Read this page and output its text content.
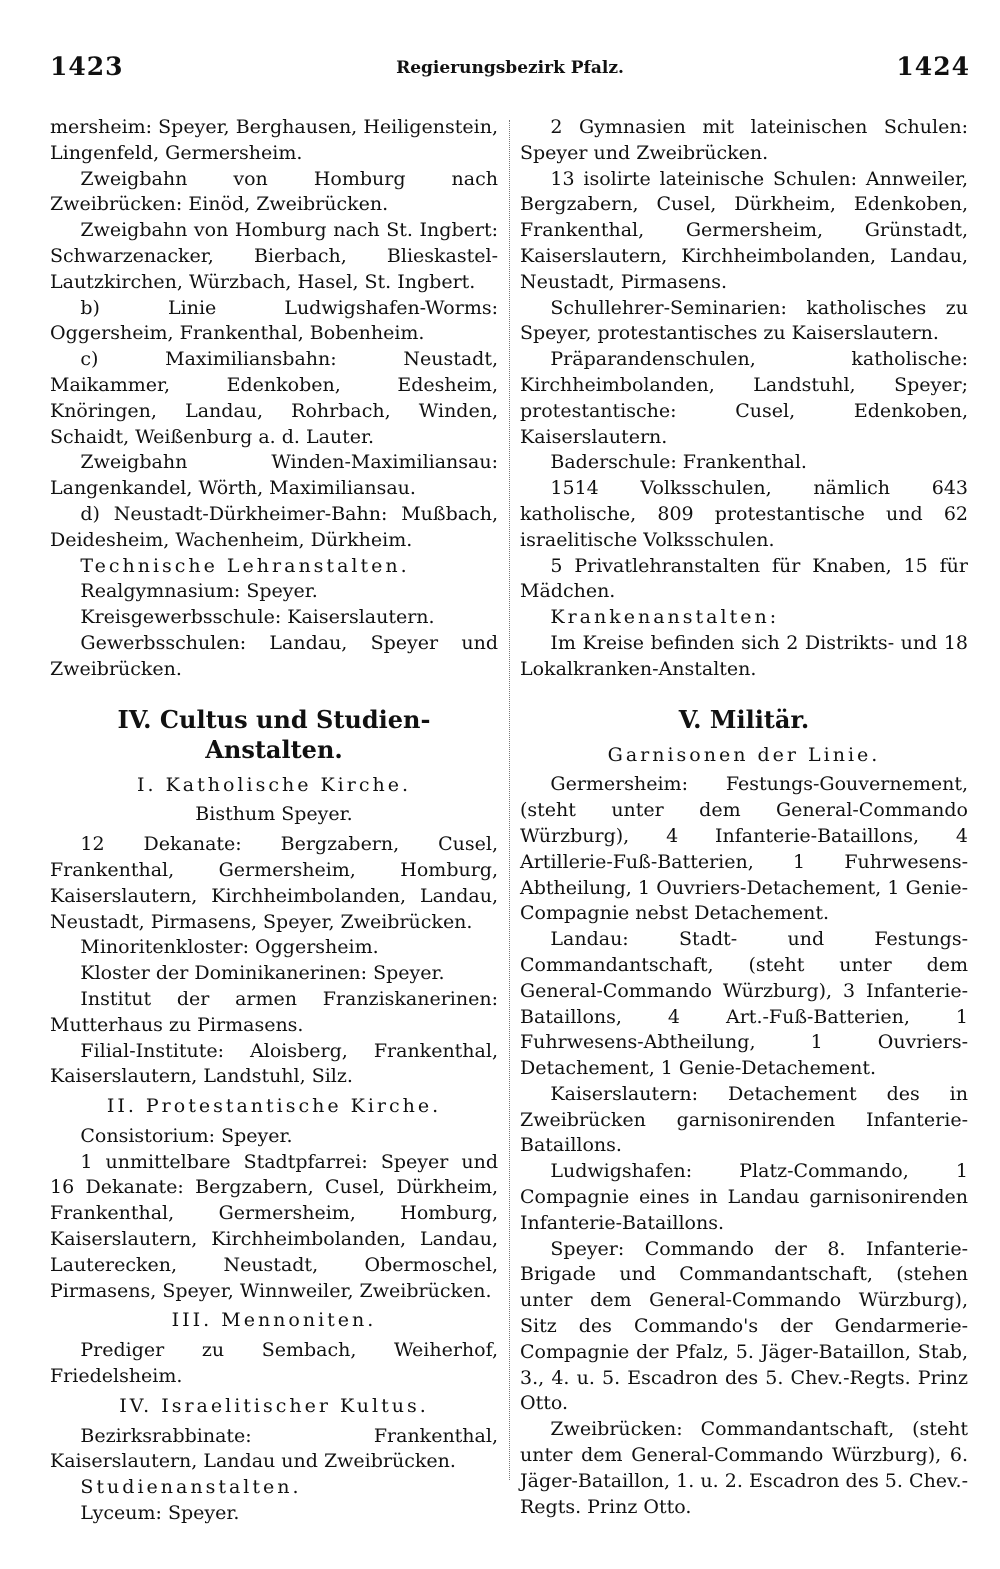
1423	Regierungsbezirk Pfalz.	1424

mersheim: Speyer, Berghausen, Heiligenstein, Lingenfeld, Germersheim.

Zweigbahn von Homburg nach Zweibrücken: Einöd, Zweibrücken.

Zweigbahn von Homburg nach St. Ingbert: Schwarzenacker, Bierbach, Blieskastel-Lautzkirchen, Würzbach, Hasel, St. Ingbert.

b) Linie Ludwigshafen-Worms: Oggersheim, Frankenthal, Bobenheim.

c) Maximiliansbahn: Neustadt, Maikammer, Edenkoben, Edesheim, Knöringen, Landau, Rohrbach, Winden, Schaidt, Weißenburg a. d. Lauter.

Zweigbahn Winden-Maximiliansau: Langenkandel, Wörth, Maximiliansau.

d) Neustadt-Dürkheimer-Bahn: Mußbach, Deidesheim, Wachenheim, Dürkheim.

Technische Lehranstalten.

Realgymnasium: Speyer.

Kreisgewerbsschule: Kaiserslautern.

Gewerbsschulen: Landau, Speyer und Zweibrücken.

IV. Cultus und Studien-Anstalten.
I. Katholische Kirche.
Bisthum Speyer.

12 Dekanate: Bergzabern, Cusel, Frankenthal, Germersheim, Homburg, Kaiserslautern, Kirchheimbolanden, Landau, Neustadt, Pirmasens, Speyer, Zweibrücken.

Minoritenkloster: Oggersheim.

Kloster der Dominikanerinen: Speyer.

Institut der armen Franziskanerinen: Mutterhaus zu Pirmasens.

Filial-Institute: Aloisberg, Frankenthal, Kaiserslautern, Landstuhl, Silz.

II. Protestantische Kirche.

Consistorium: Speyer.

1 unmittelbare Stadtpfarrei: Speyer und 16 Dekanate: Bergzabern, Cusel, Dürkheim, Frankenthal, Germersheim, Homburg, Kaiserslautern, Kirchheimbolanden, Landau, Lauterecken, Neustadt, Obermoschel, Pirmasens, Speyer, Winnweiler, Zweibrücken.

III. Mennoniten.

Prediger zu Sembach, Weiherhof, Friedelsheim.

IV. Israelitischer Kultus.

Bezirksrabbinate: Frankenthal, Kaiserslautern, Landau und Zweibrücken.

Studienanstalten.

Lyceum: Speyer.

2 Gymnasien mit lateinischen Schulen: Speyer und Zweibrücken.

13 isolirte lateinische Schulen: Annweiler, Bergzabern, Cusel, Dürkheim, Edenkoben, Frankenthal, Germersheim, Grünstadt, Kaiserslautern, Kirchheimbolanden, Landau, Neustadt, Pirmasens.

Schullehrer-Seminarien: katholisches zu Speyer, protestantisches zu Kaiserslautern.

Präparandenschulen, katholische: Kirchheimbolanden, Landstuhl, Speyer; protestantische: Cusel, Edenkoben, Kaiserslautern.

Baderschule: Frankenthal.

1514 Volksschulen, nämlich 643 katholische, 809 protestantische und 62 israelitische Volksschulen.

5 Privatlehranstalten für Knaben, 15 für Mädchen.

Krankenanstalten:

Im Kreise befinden sich 2 Distrikts- und 18 Lokalkranken-Anstalten.

V. Militär.
Garnisonen der Linie.

Germersheim: Festungs-Gouvernement, (steht unter dem General-Commando Würzburg), 4 Infanterie-Bataillons, 4 Artillerie-Fuß-Batterien, 1 Fuhrwesens-Abtheilung, 1 Ouvriers-Detachement, 1 Genie-Compagnie nebst Detachement.

Landau: Stadt- und Festungs-Commandantschaft, (steht unter dem General-Commando Würzburg), 3 Infanterie-Bataillons, 4 Art.-Fuß-Batterien, 1 Fuhrwesens-Abtheilung, 1 Ouvriers-Detachement, 1 Genie-Detachement.

Kaiserslautern: Detachement des in Zweibrücken garnisonirenden Infanterie-Bataillons.

Ludwigshafen: Platz-Commando, 1 Compagnie eines in Landau garnisonirenden Infanterie-Bataillons.

Speyer: Commando der 8. Infanterie-Brigade und Commandantschaft, (stehen unter dem General-Commando Würzburg), Sitz des Commando's der Gendarmerie-Compagnie der Pfalz, 5. Jäger-Bataillon, Stab, 3., 4. u. 5. Escadron des 5. Chev.-Regts. Prinz Otto.

Zweibrücken: Commandantschaft, (steht unter dem General-Commando Würzburg), 6. Jäger-Bataillon, 1. u. 2. Escadron des 5. Chev.-Regts. Prinz Otto.
